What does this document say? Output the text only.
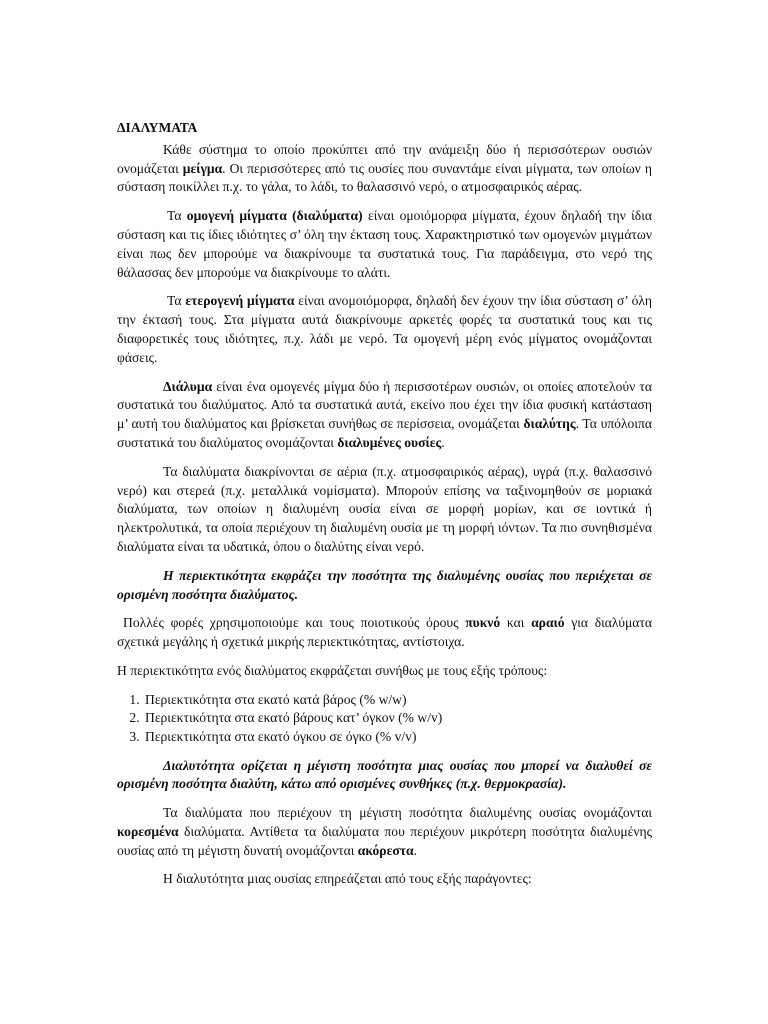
ΔΙΑΛΥΜΑΤΑ

Κάθε σύστημα το οποίο προκύπτει από την ανάμειξη δύο ή περισσότερων ουσιών ονομάζεται μείγμα. Οι περισσότερες από τις ουσίες που συναντάμε είναι μίγματα, των οποίων η σύσταση ποικίλλει π.χ. το γάλα, το λάδι, το θαλασσινό νερό, ο ατμοσφαιρικός αέρας.

Τα ομογενή μίγματα (διαλύματα) είναι ομοιόμορφα μίγματα, έχουν δηλαδή την ίδια σύσταση και τις ίδιες ιδιότητες σ’ όλη την έκταση τους. Χαρακτηριστικό των ομογενών μιγμάτων είναι πως δεν μπορούμε να διακρίνουμε τα συστατικά τους. Για παράδειγμα, στο νερό της θάλασσας δεν μπορούμε να διακρίνουμε το αλάτι.

Τα ετερογενή μίγματα είναι ανομοιόμορφα, δηλαδή δεν έχουν την ίδια σύσταση σ’ όλη την έκτασή τους. Στα μίγματα αυτά διακρίνουμε αρκετές φορές τα συστατικά τους και τις διαφορετικές τους ιδιότητες, π.χ. λάδι με νερό. Τα ομογενή μέρη ενός μίγματος ονομάζονται φάσεις.

Διάλυμα είναι ένα ομογενές μίγμα δύο ή περισσοτέρων ουσιών, οι οποίες αποτελούν τα συστατικά του διαλύματος. Από τα συστατικά αυτά, εκείνο που έχει την ίδια φυσική κατάσταση μ’ αυτή του διαλύματος και βρίσκεται συνήθως σε περίσσεια, ονομάζεται διαλύτης. Τα υπόλοιπα συστατικά του διαλύματος ονομάζονται διαλυμένες ουσίες.

Τα διαλύματα διακρίνονται σε αέρια (π.χ. ατμοσφαιρικός αέρας), υγρά (π.χ. θαλασσινό νερό) και στερεά (π.χ. μεταλλικά νομίσματα). Μπορούν επίσης να ταξινομηθούν σε μοριακά διαλύματα, των οποίων η διαλυμένη ουσία είναι σε μορφή μορίων, και σε ιοντικά ή ηλεκτρολυτικά, τα οποία περιέχουν τη διαλυμένη ουσία με τη μορφή ιόντων. Τα πιο συνηθισμένα διαλύματα είναι τα υδατικά, όπου ο διαλύτης είναι νερό.

Η περιεκτικότητα εκφράζει την ποσότητα της διαλυμένης ουσίας που περιέχεται σε ορισμένη ποσότητα διαλύματος.

Πολλές φορές χρησιμοποιούμε και τους ποιοτικούς όρους πυκνό και αραιό για διαλύματα σχετικά μεγάλης ή σχετικά μικρής περιεκτικότητας, αντίστοιχα.

Η περιεκτικότητα ενός διαλύματος εκφράζεται συνήθως με τους εξής τρόπους:

1. Περιεκτικότητα στα εκατό κατά βάρος (% w/w)
2. Περιεκτικότητα στα εκατό βάρους κατ’ όγκον (% w/v)
3. Περιεκτικότητα στα εκατό όγκου σε όγκο (% v/v)

Διαλυτότητα ορίζεται η μέγιστη ποσότητα μιας ουσίας που μπορεί να διαλυθεί σε ορισμένη ποσότητα διαλύτη, κάτω από ορισμένες συνθήκες (π.χ. θερμοκρασία).

Τα διαλύματα που περιέχουν τη μέγιστη ποσότητα διαλυμένης ουσίας ονομάζονται κορεσμένα διαλύματα. Αντίθετα τα διαλύματα που περιέχουν μικρότερη ποσότητα διαλυμένης ουσίας από τη μέγιστη δυνατή ονομάζονται ακόρεστα.

Η διαλυτότητα μιας ουσίας επηρεάζεται από τους εξής παράγοντες:
